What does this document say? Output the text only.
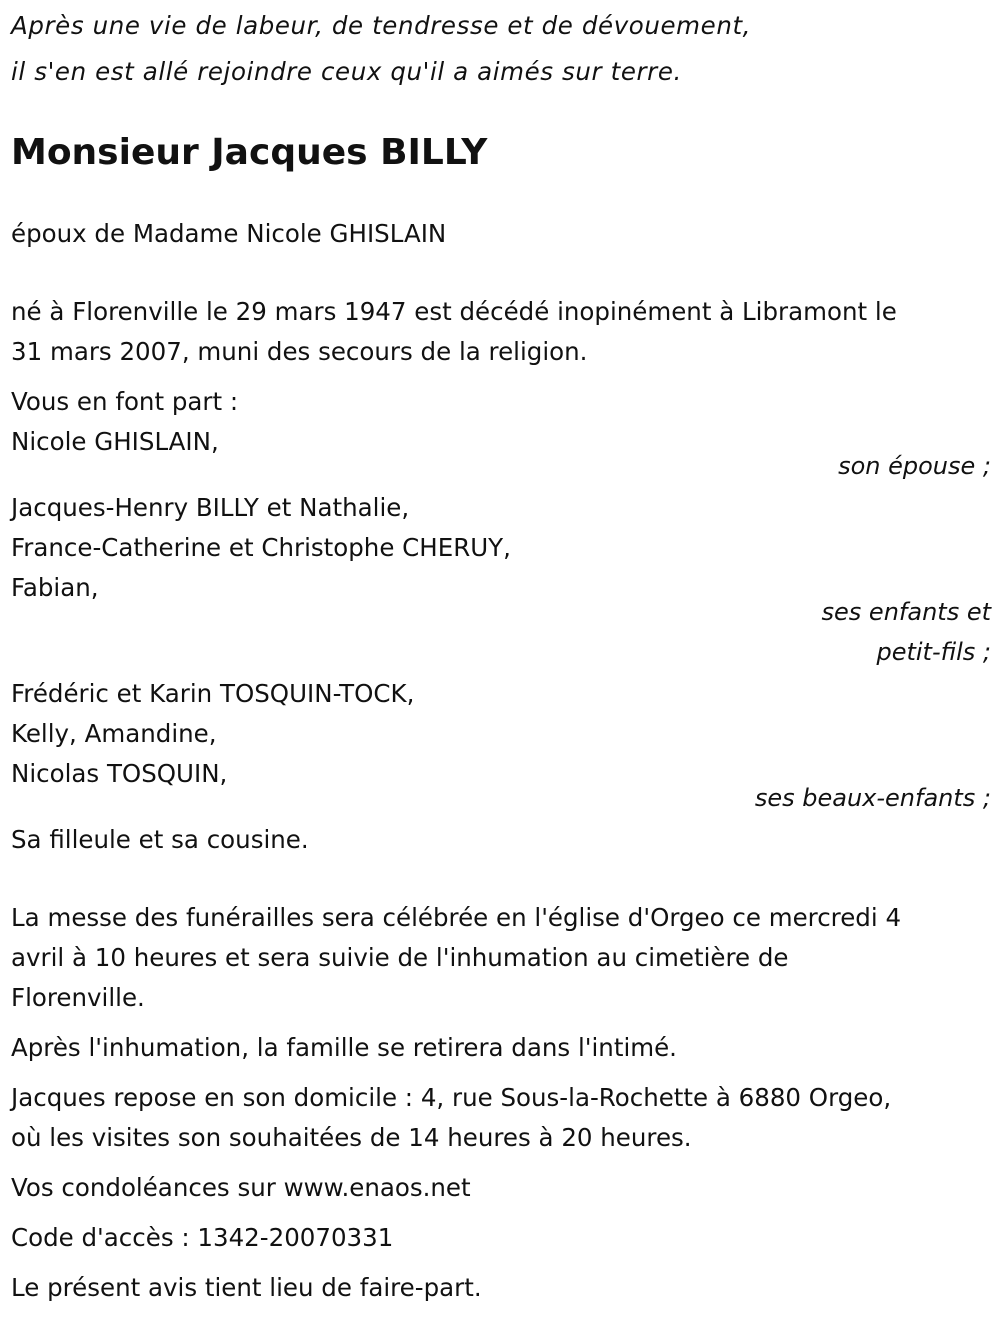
Après une vie de labeur, de tendresse et de dévouement,

il s'en est allé rejoindre ceux qu'il a aimés sur terre.

Monsieur Jacques BILLY

époux de Madame Nicole GHISLAIN

né à Florenville le 29 mars 1947 est décédé inopinément à Libramont le

31 mars 2007, muni des secours de la religion.

Vous en font part :

Nicole GHISLAIN,

son épouse ;

Jacques-Henry BILLY et Nathalie,

France-Catherine et Christophe CHERUY,

Fabian,

ses enfants et

petit-fils ;

Frédéric et Karin TOSQUIN-TOCK,

Kelly, Amandine,

Nicolas TOSQUIN,

ses beaux-enfants ;

Sa filleule et sa cousine.

La messe des funérailles sera célébrée en l'église d'Orgeo ce mercredi 4

avril à 10 heures et sera suivie de l'inhumation au cimetière de

Florenville.

Après l'inhumation, la famille se retirera dans l'intimé.

Jacques repose en son domicile : 4, rue Sous-la-Rochette à 6880 Orgeo,

où les visites son souhaitées de 14 heures à 20 heures.

Vos condoléances sur www.enaos.net

Code d'accès : 1342-20070331

Le présent avis tient lieu de faire-part.
